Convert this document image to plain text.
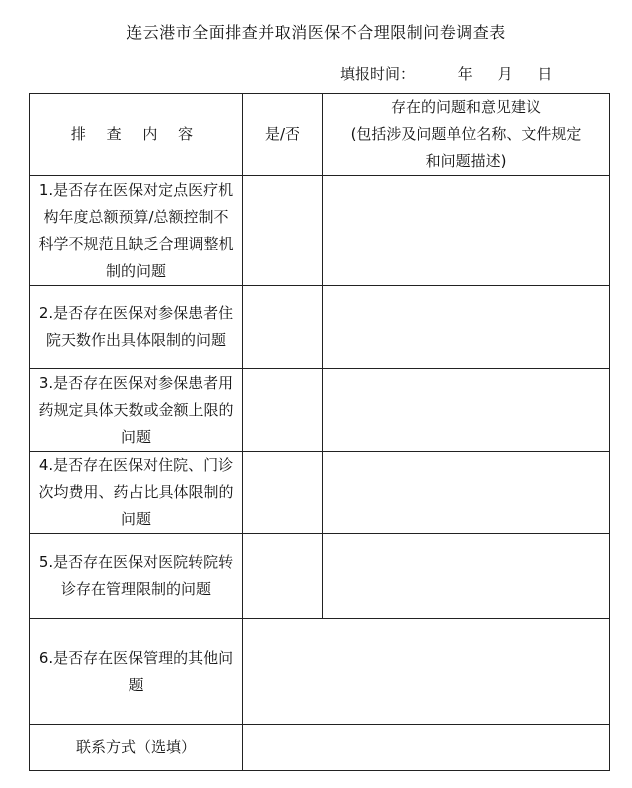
连云港市全面排查并取消医保不合理限制问卷调查表
填报时间：	年 月 日
排 查 内 容	是/否	存在的问题和意见建议
(包括涉及问题单位名称、文件规定
和问题描述)

1.是否存在医保对定点医疗机构年度总额预算/总额控制不科学不规范且缺乏合理调整机制的问题		

2.是否存在医保对参保患者住院天数作出具体限制的问题		

3.是否存在医保对参保患者用药规定具体天数或金额上限的问题		

4.是否存在医保对住院、门诊次均费用、药占比具体限制的问题		

5.是否存在医保对医院转院转诊存在管理限制的问题		

6.是否存在医保管理的其他问题		

联系方式（选填）		
